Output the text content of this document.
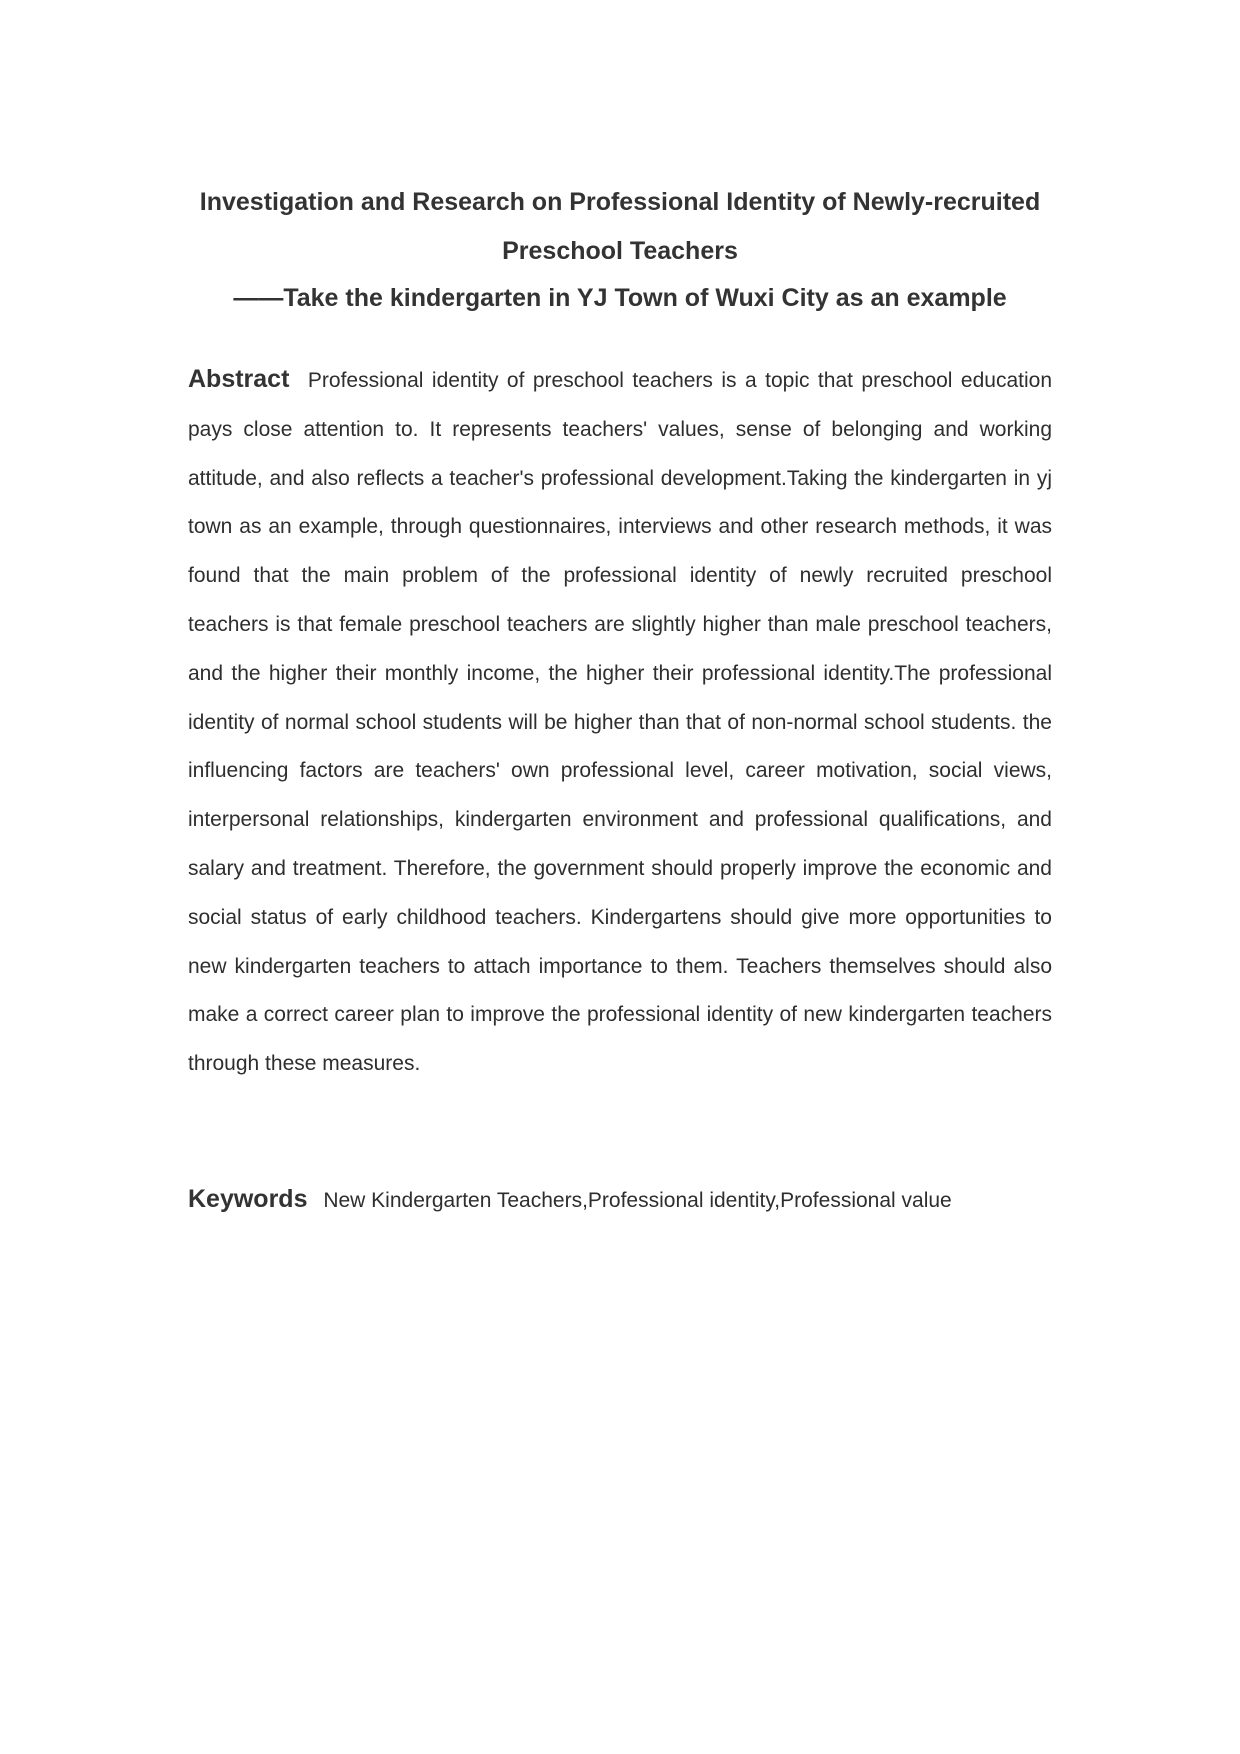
Investigation and Research on Professional Identity of Newly-recruited Preschool Teachers
——Take the kindergarten in YJ Town of Wuxi City as an example
Abstract Professional identity of preschool teachers is a topic that preschool education pays close attention to. It represents teachers' values, sense of belonging and working attitude, and also reflects a teacher's professional development.Taking the kindergarten in yj town as an example, through questionnaires, interviews and other research methods, it was found that the main problem of the professional identity of newly recruited preschool teachers is that female preschool teachers are slightly higher than male preschool teachers, and the higher their monthly income, the higher their professional identity.The professional identity of normal school students will be higher than that of non-normal school students. the influencing factors are teachers' own professional level, career motivation, social views, interpersonal relationships, kindergarten environment and professional qualifications, and salary and treatment. Therefore, the government should properly improve the economic and social status of early childhood teachers. Kindergartens should give more opportunities to new kindergarten teachers to attach importance to them. Teachers themselves should also make a correct career plan to improve the professional identity of new kindergarten teachers through these measures.
Keywords New Kindergarten Teachers,Professional identity,Professional value
